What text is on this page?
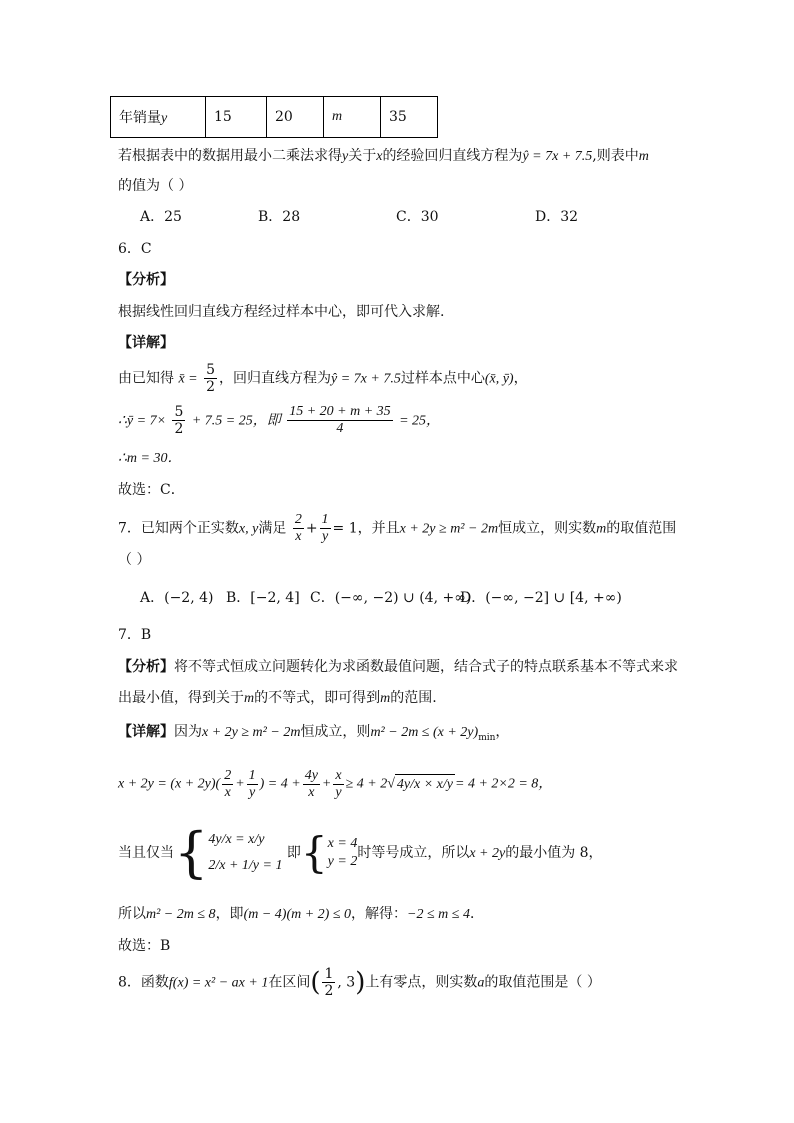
年销量y	15	20	m	35
若根据表中的数据用最小二乘法求得y关于x的经验回归直线方程为ŷ = 7x + 7.5,则表中m
的值为（ ）
A．25	B．28	C．30	D．32
6．C
【分析】
根据线性回归直线方程经过样本中心，即可代入求解.
【详解】
由已知得 x̄ = $\frac{5}{2}$ ，回归直线方程为ŷ = 7x + 7.5过样本点中心(x̄, ȳ)，
∴ȳ = $7\times \frac{5}{2} + 7.5 = 25$，即 $\frac{15 + 20 + m + 35}{4} = 25$，
∴m = 30．
故选：C．
7．已知两个正实数x, y满足 $\frac{2}{x} + \frac{1}{y} = 1$，并且x + 2y ≥ m² − 2m恒成立，则实数m的取值范围
（ ）
A．(−2, 4) B．[−2, 4] C．(−∞, −2) ∪ (4, +∞)
D．(−∞, −2] ∪ [4, +∞)
7．B
【分析】将不等式恒成立问题转化为求函数最值问题，结合式子的特点联系基本不等式来求
出最小值，得到关于m的不等式，即可得到m的范围.
【详解】因为x + 2y ≥ m² − 2m恒成立，则$m^2 - 2m \le (x + 2y)_{min}$，
$x + 2y = (x + 2y)( \frac{2}{x} + \frac{1}{y}$ ) = $4 + \frac{4y}{x} + \frac{x}{y} \ge 4 + 2√$ 4y/x × x/y = 4 + 2×2 = 8，
当且仅当{ 4y/x = x/y
2/x + 1/y = 1
即{ x = 4
y = 2
时等号成立，所以x + 2y的最小值为 8，
所以m² − 2m ≤ 8，即(m − 4)(m + 2) ≤ 0，解得：−2 ≤ m ≤ 4．
故选：B
8．函数f(x) = x² − ax + 1在区间( $\frac{1}{2}$ , 3)上有零点，则实数a的取值范围是（ ）
